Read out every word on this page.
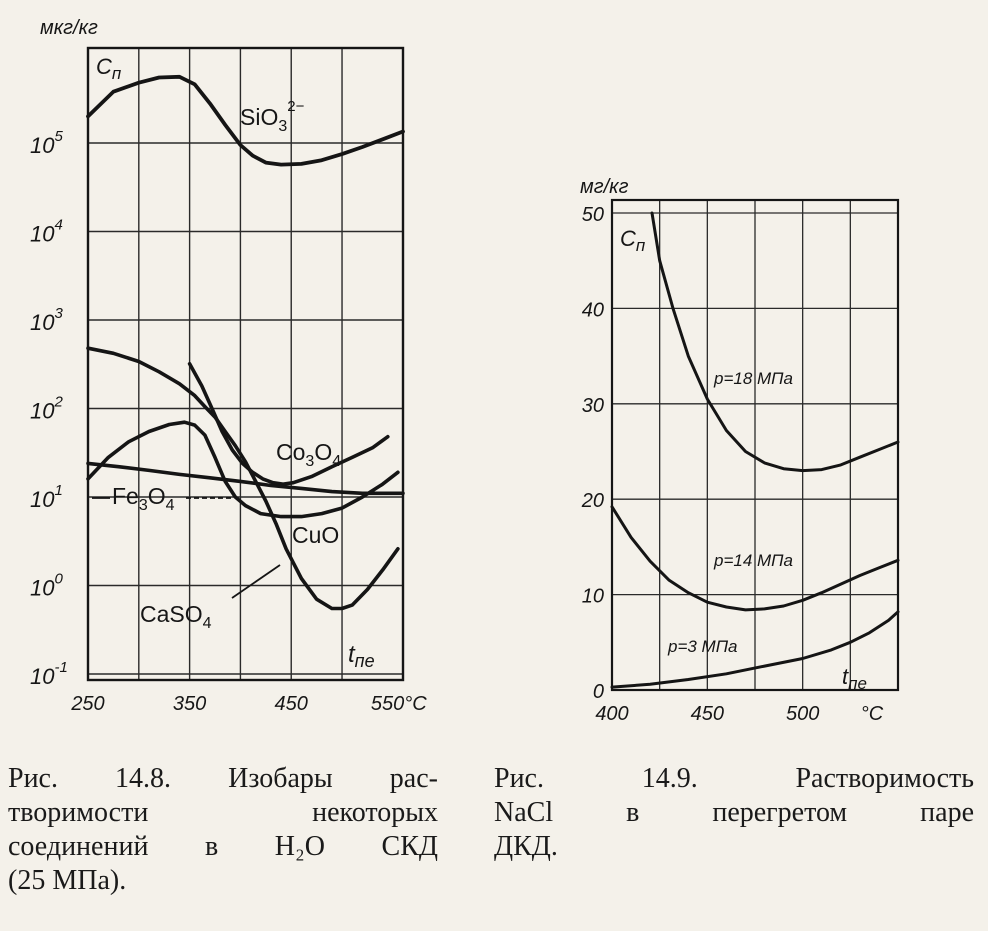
$10^5$
$10^4$
$10^3$
$10^2$
$10^1$
$10^0$
$10^{-1}$
250	350	450	550°C
мкг/кг
$C_п$
tпе
SiO$_3^{2-}$
$Co_3O_4$
CuO
CaSO$_4$
$Fe_3O_4$
0
10
20
30
40
50
400	450	500 °C
мг/кг
$C_п$
$t_{пе}$
p=18 МПа
p=14 МПа
p=3 МПа
Рис. 14.8. Изобары рас-
творимости некоторых
соединений в H₂O СКД
(25 МПа).
Рис. 14.9. Растворимость
NaCl в перегретом паре
ДКД.
